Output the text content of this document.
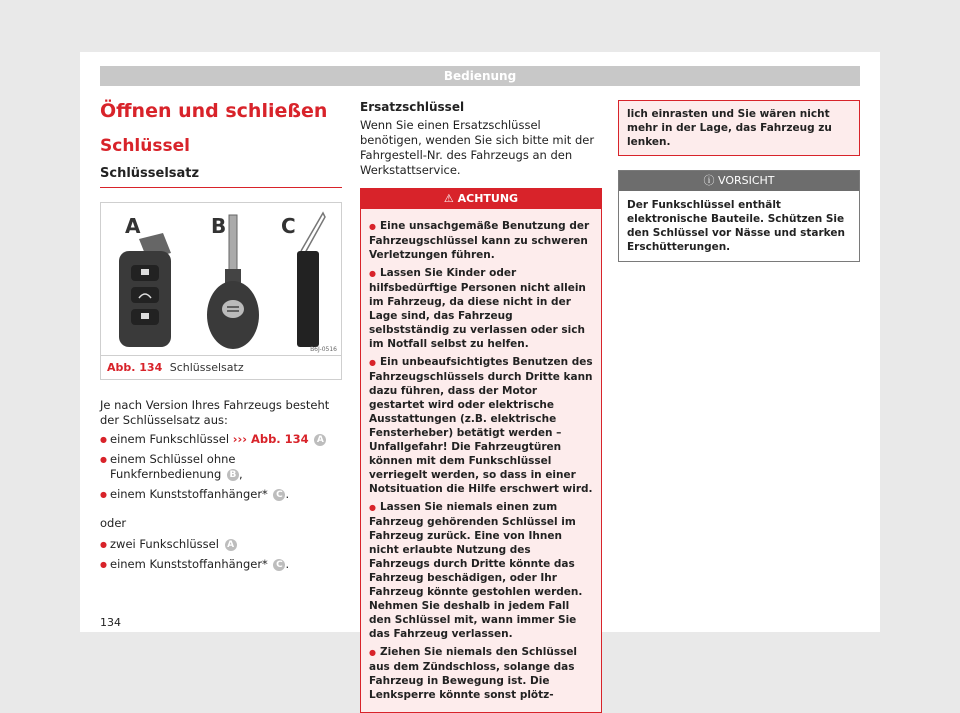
Bedienung
Öffnen und schließen
Schlüssel
Schlüsselsatz
A	B	C
B6J-0516
Abb. 134 Schlüsselsatz

Je nach Version Ihres Fahrzeugs besteht der Schlüsselsatz aus:

● einem Funkschlüssel ››› Abb. 134 A
● einem Schlüssel ohne Funkfernbedienung B ,
● einem Kunststoffanhänger* C .
oder
● zwei Funkschlüssel A
● einem Kunststoffanhänger* C .
Ersatzschlüssel
Wenn Sie einen Ersatzschlüssel benötigen, wenden Sie sich bitte mit der Fahrgestell-Nr. des Fahrzeugs an den Werkstattservice.
⚠ ACHTUNG
● Eine unsachgemäße Benutzung der Fahrzeugschlüssel kann zu schweren Verletzungen führen.
● Lassen Sie Kinder oder hilfsbedürftige Personen nicht allein im Fahrzeug, da diese nicht in der Lage sind, das Fahrzeug selbstständig zu verlassen oder sich im Notfall selbst zu helfen.
● Ein unbeaufsichtigtes Benutzen des Fahrzeugschlüssels durch Dritte kann dazu führen, dass der Motor gestartet wird oder elektrische Ausstattungen (z.B. elektrische Fensterheber) betätigt werden – Unfallgefahr! Die Fahrzeugtüren können mit dem Funkschlüssel verriegelt werden, so dass in einer Notsituation die Hilfe erschwert wird.
● Lassen Sie niemals einen zum Fahrzeug gehörenden Schlüssel im Fahrzeug zurück. Eine von Ihnen nicht erlaubte Nutzung des Fahrzeugs durch Dritte könnte das Fahrzeug beschädigen, oder Ihr Fahrzeug könnte gestohlen werden. Nehmen Sie deshalb in jedem Fall den Schlüssel mit, wann immer Sie das Fahrzeug verlassen.
● Ziehen Sie niemals den Schlüssel aus dem Zündschloss, solange das Fahrzeug in Bewegung ist. Die Lenksperre könnte sonst plötz-
lich einrasten und Sie wären nicht mehr in der Lage, das Fahrzeug zu lenken.
ⓘ VORSICHT
Der Funkschlüssel enthält elektronische Bauteile. Schützen Sie den Schlüssel vor Nässe und starken Erschütterungen.
134
